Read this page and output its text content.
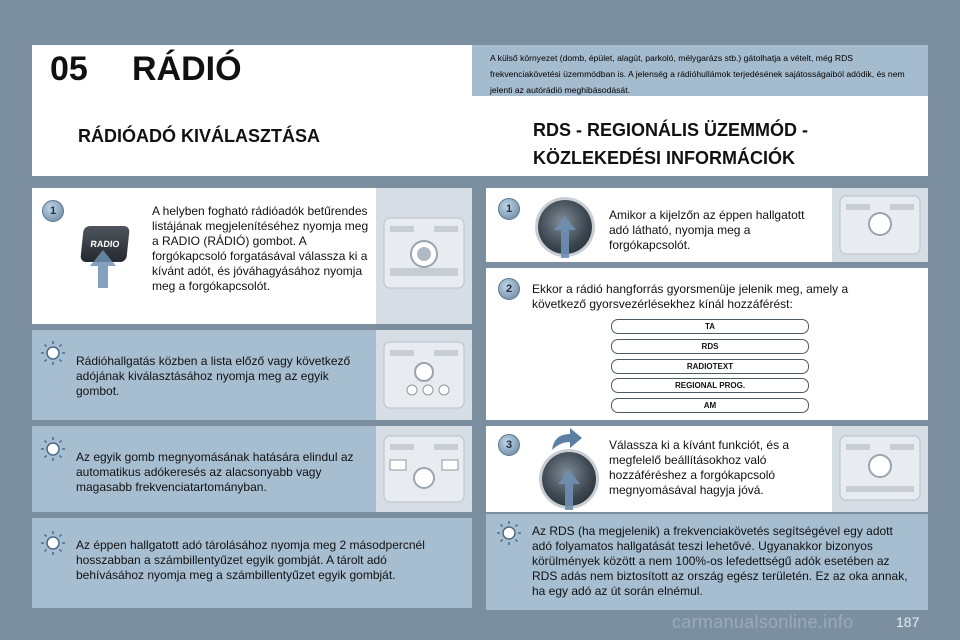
05 RÁDIÓ	A külső környezet (domb, épület, alagút, parkoló, mélygarázs stb.) gátolhatja a vételt, még RDS frekvenciakövetési üzemmódban is. A jelenség a rádióhullámok terjedésének sajátosságaiból adódik, és nem jelenti az autórádió meghibásodását.
RÁDIÓADÓ KIVÁLASZTÁSA	RDS - REGIONÁLIS ÜZEMMÓD - KÖZLEKEDÉSI INFORMÁCIÓK
1
RADIO
A helyben fogható rádióadók betűrendes listájának megjelenítéséhez nyomja meg a RADIO (RÁDIÓ) gombot. A forgókapcsoló forgatásával válassza ki a kívánt adót, és jóváhagyásához nyomja meg a forgókapcsolót.
Rádióhallgatás közben a lista előző vagy következő adójának kiválasztásához nyomja meg az egyik gombot.
Az egyik gomb megnyomásának hatására elindul az automatikus adókeresés az alacsonyabb vagy magasabb frekvenciatartományban.
Az éppen hallgatott adó tárolásához nyomja meg 2 másodpercnél hosszabban a számbillentyűzet egyik gombját. A tárolt adó behívásához nyomja meg a számbillentyűzet egyik gombját.
1	Amikor a kijelzőn az éppen hallgatott adó látható, nyomja meg a forgókapcsolót.
2	Ekkor a rádió hangforrás gyorsmenüje jelenik meg, amely a következő gyorsvezérlésekhez kínál hozzáférést:
TA
RDS
RADIOTEXT
REGIONAL PROG.
AM
3	Válassza ki a kívánt funkciót, és a megfelelő beállításokhoz való hozzáféréshez a forgókapcsoló megnyomásával hagyja jóvá.
Az RDS (ha megjelenik) a frekvenciakövetés segítségével egy adott adó folyamatos hallgatását teszi lehetővé. Ugyanakkor bizonyos körülmények között a nem 100%-os lefedettségű adók esetében az RDS adás nem biztosított az ország egész területén. Ez az oka annak, ha egy adó az út során elnémul.
carmanualsonline.info	187
